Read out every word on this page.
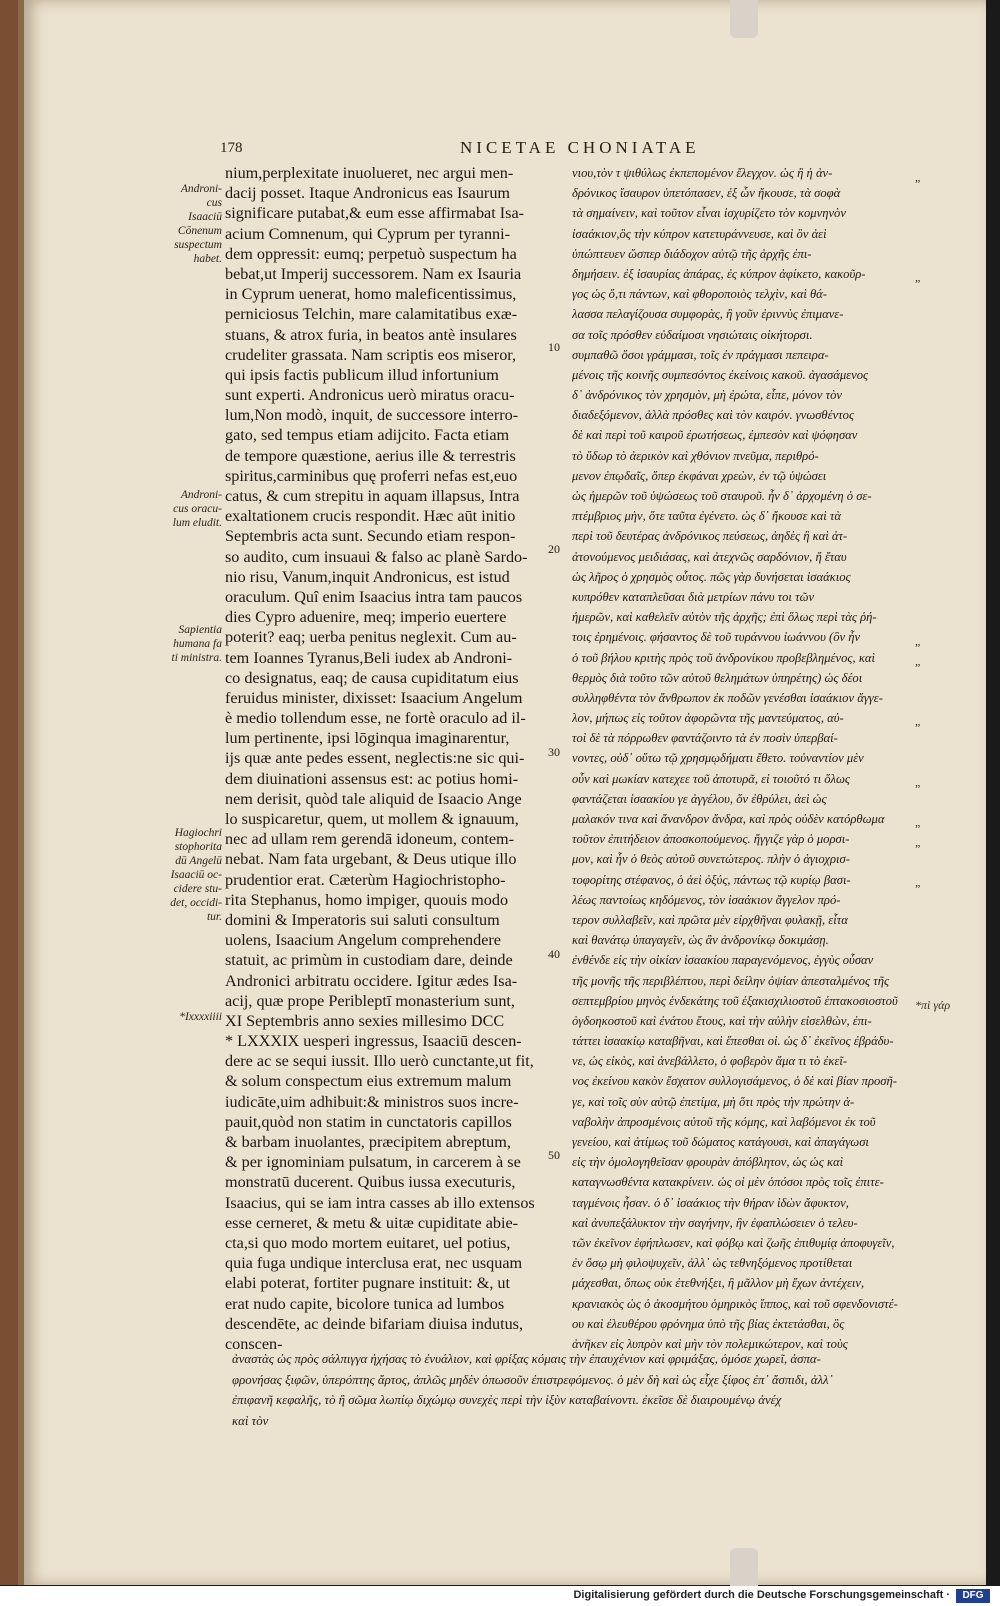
178	NICETAE CHONIATAE
Androni-
cus Isaaciū
Cōnenum
suspectum
habet.
Androni-
cus oracu-
lum eludit.
Sapientia
humana fa
ti ministra.
Hagiochri
stophorita
dū Angelū
Isaaciū oc-
cidere stu-
det, occidi-
tur.
*Ixxxxiiii
nium,perplexitate inuolueret, nec argui men-
dacij posset. Itaque Andronicus eas Isaurum
significare putabat,& eum esse affirmabat Isa-
acium Comnenum, qui Cyprum per tyranni-
dem oppressit: eumq; perpetuò suspectum ha
bebat,ut Imperij successorem. Nam ex Isauria
in Cyprum uenerat, homo maleficentissimus,
perniciosus Telchin, mare calamitatibus exæ-
stuans, & atrox furia, in beatos antè insulares
crudeliter grassata. Nam scriptis eos miseror,
qui ipsis factis publicum illud infortunium
sunt experti. Andronicus uerò miratus oracu-
lum,Non modò, inquit, de successore interro-
gato, sed tempus etiam adijcito. Facta etiam
de tempore quæstione, aerius ille & terrestris
spiritus,carminibus quę proferri nefas est,euo
catus, & cum strepitu in aquam illapsus, Intra
exaltationem crucis respondit. Hæc aūt initio
Septembris acta sunt. Secundo etiam respon-
so audito, cum insuaui & falso ac planè Sardo-
nio risu, Vanum,inquit Andronicus, est istud
oraculum. Quî enim Isaacius intra tam paucos
dies Cypro aduenire, meq; imperio euertere
poterit? eaq; uerba penitus neglexit. Cum au-
tem Ioannes Tyranus,Beli iudex ab Androni-
co designatus, eaq; de causa cupiditatum eius
feruidus minister, dixisset: Isaacium Angelum
è medio tollendum esse, ne fortè oraculo ad il-
lum pertinente, ipsi lōginqua imaginarentur,
ijs quæ ante pedes essent, neglectis:ne sic qui-
dem diuinationi assensus est: ac potius homi-
nem derisit, quòd tale aliquid de Isaacio Ange
lo suspicaretur, quem, ut mollem & ignauum,
nec ad ullam rem gerendā idoneum, contem-
nebat. Nam fata urgebant, & Deus utique illo
prudentior erat. Cæterùm Hagiochristopho-
rita Stephanus, homo impiger, quouis modo
domini & Imperatoris sui saluti consultum
uolens, Isaacium Angelum comprehendere
statuit, ac primùm in custodiam dare, deinde
Andronici arbitratu occidere. Igitur ædes Isa-
acij, quæ prope Peribleptī monasterium sunt,
XI Septembris anno sexies millesimo DCC
* LXXXIX uesperi ingressus, Isaaciū descen-
dere ac se sequi iussit. Illo uerò cunctante,ut fit,
& solum conspectum eius extremum malum
iudicāte,uim adhibuit:& ministros suos incre-
pauit,quòd non statim in cunctatoris capillos
& barbam inuolantes, præcipitem abreptum,
& per ignominiam pulsatum, in carcerem à se
monstratū ducerent. Quibus iussa executuris,
Isaacius, qui se iam intra casses ab illo extensos
esse cerneret, & metu & uitæ cupiditate abie-
cta,si quo modo mortem euitaret, uel potius,
quia fuga undique interclusa erat, nec usquam
elabi poterat, fortiter pugnare instituit: &, ut
erat nudo capite, bicolore tunica ad lumbos
descendēte, ac deinde bifariam diuisa indutus,
conscen-
10
20
30
40
50
νιου,τὸν τ ψιθύλως ἐκπεπομένον ἔλεγχον. ὡς ἢ ἡ ἀν-
δρόνικος ἴσαυρον ὑπετόπασεν, ἐξ ὧν ἤκουσε, τὰ σοφὰ
τὰ σημαίνειν, καὶ τοῦτον εἶναι ἰσχυρίζετο τὸν κομνηνὸν
ἰσαάκιον,ὃς τὴν κύπρον κατετυράννευσε, καὶ ὃν ἀεὶ
ὑπώπτευεν ὥσπερ διάδοχον αὐτῷ τῆς ἀρχῆς ἐπι-
δημήσειν. ἐξ ἰσαυρίας ἀπάρας, ἐς κύπρον ἀφίκετο, κακοῦρ-
γος ὡς ὅ,τι πάντων, καὶ φθοροποιὸς τελχὶν, καὶ θά-
λασσα πελαγίζουσα συμφορὰς, ἢ γοῦν ἐριννὺς ἐπιμανε-
σα τοῖς πρόσθεν εὐδαίμοσι νησιώταις οἰκήτορσι.
συμπαθῶ ὅσοι γράμμασι, τοῖς ἐν πράγμασι πεπειρα-
μένοις τῆς κοινῆς συμπεσόντος ἐκείνοις κακοῦ. ἀγασάμενος
δ᾽ ἀνδρόνικος τὸν χρησμὸν, μὴ ἐρώτα, εἶπε, μόνον τὸν
διαδεξόμενον, ἀλλὰ πρόσθες καὶ τὸν καιρόν. γνωσθέντος
δὲ καὶ περὶ τοῦ καιροῦ ἐρωτήσεως, ἐμπεσὸν καὶ ψόφησαν
τὸ ὕδωρ τὸ ἀερικὸν καὶ χθόνιον πνεῦμα, περιθρό-
μενον ἐπῳδαῖς, ὅπερ ἐκφάναι χρεὼν, ἐν τῷ ὑψώσει
ὡς ἡμερῶν τοῦ ὑψώσεως τοῦ σταυροῦ. ἦν δ᾽ ἀρχομένη ὁ σε-
πτέμβριος μὴν, ὅτε ταῦτα ἐγένετο. ὡς δ᾽ ἤκουσε καὶ τὰ
περὶ τοῦ δευτέρας ἀνδρόνικος πεύσεως, ἀηδὲς ἢ καὶ ἀτ-
ἀτονούμενος μειδιάσας, καὶ ἀτεχνῶς σαρδόνιον, ἤ ἔταυ
ὡς λῆρος ὁ χρησμὸς οὗτος. πῶς γὰρ δυνήσεται ἰσαάκιος
κυπρόθεν καταπλεῦσαι διὰ μετρίων πάνυ τοι τῶν
ἡμερῶν, καὶ καθελεῖν αὐτὸν τῆς ἀρχῆς; ἐπὶ ὅλως περὶ τὰς ῥή-
τοις ἐρημένοις. φήσαντος δὲ τοῦ τυράννου ἰωάννου (ὃν ἦν
ὁ τοῦ βήλου κριτὴς πρὸς τοῦ ἀνδρονίκου προβεβλημένος, καὶ
θερμὸς διὰ τοῦτο τῶν αὐτοῦ θελημάτων ὑπηρέτης) ὡς δέοι
συλληφθέντα τὸν ἄνθρωπον ἐκ ποδῶν γενέσθαι ἰσαάκιον ἄγγε-
λον, μήπως εἰς τοῦτον ἀφορῶντα τῆς μαντεύματος, αὐ-
τοὶ δὲ τὰ πόρρωθεν φαντάζοιντο τὰ ἐν ποσὶν ὑπερβαί-
νοντες, οὐδ᾽ οὕτω τῷ χρησμῳδήματι ἔθετο. τοὐναντίον μὲν
οὖν καὶ μωκίαν κατεχεε τοῦ ἀποτυρᾶ, εἰ τοιοῦτό τι ὅλως
φαντάζεται ἰσαακίου γε ἀγγέλου, ὅν ἐθρύλει, ἀεὶ ὡς
μαλακόν τινα καὶ ἄνανδρον ἄνδρα, καὶ πρὸς οὐδὲν κατόρθωμα
τοῦτον ἐπιτήδειον ἀποσκοπούμενος. ἤγγιζε γὰρ ὁ μορσι-
μον, καὶ ἦν ὁ θεὸς αὐτοῦ συνετώτερος. πλὴν ὁ ἁγιοχρισ-
τοφορίτης στέφανος, ὁ ἀεὶ ὀξύς, πάντως τῷ κυρίῳ βασι-
λέως παντοίως κηδόμενος, τὸν ἰσαάκιον ἄγγελον πρό-
τερον συλλαβεῖν, καὶ πρῶτα μὲν εἰρχθῆναι φυλακῇ, εἶτα
καὶ θανάτῳ ὑπαγαγεῖν, ὡς ἂν ἀνδρονίκῳ δοκιμάσῃ.
ἐνθένδε εἰς τὴν οἰκίαν ἰσαακίου παραγενόμενος, ἐγγὺς οὖσαν
τῆς μονῆς τῆς περιβλέπτου, περὶ δείλην ὀψίαν ἀπεσταλμένος τῆς
σεπτεμβρίου μηνὸς ἑνδεκάτης τοῦ ἑξακισχιλιοστοῦ ἑπτακοσιοστοῦ
ὀγδοηκοστοῦ καὶ ἐνάτου ἔτους, καὶ τὴν αὐλὴν εἰσελθὼν, ἐπι-
τάττει ἰσαακίῳ καταβῆναι, καὶ ἕπεσθαι οἱ. ὡς δ᾽ ἐκεῖνος ἐβράδυ-
νε, ὡς εἰκὸς, καὶ ἀνεβάλλετο, ὁ φοβερὸν ἄμα τι τὸ ἐκεῖ-
νος ἐκείνου κακὸν ἔσχατον συλλογισάμενος, ὁ δὲ καὶ βίαν προσῆ-
γε, καὶ τοῖς σὺν αὐτῷ ἐπετίμα, μὴ ὅτι πρὸς τὴν πρώτην ἀ-
ναβολὴν ἀπροσμένοις αὐτοῦ τῆς κόμης, καὶ λαβόμενοι ἐκ τοῦ
γενείου, καὶ ἀτίμως τοῦ δώματος κατάγουσι, καὶ ἀπαγάγωσι
εἰς τὴν ὁμολογηθεῖσαν φρουρὰν ἀπόβλητον, ὡς ὡς καὶ
καταγνωσθέντα κατακρίνειν. ὡς οἱ μὲν ὁπόσοι πρὸς τοῖς ἐπιτε-
ταγμένοις ἦσαν. ὁ δ᾽ ἰσαάκιος τὴν θήραν ἰδὼν ἄφυκτον,
καὶ ἀνυπεξάλυκτον τὴν σαγήνην, ἣν ἐφαπλώσειεν ὁ τελευ-
τῶν ἐκεῖνον ἐφήπλωσεν, καὶ φόβῳ καὶ ζωῆς ἐπιθυμίᾳ ἀποφυγεῖν,
ἐν ὅσῳ μὴ φιλοψυχεῖν, ἀλλ᾽ ὡς τεθνηξόμενος προτίθεται
μάχεσθαι, ὅπως οὐκ ἐτεθνήξει, ἢ μᾶλλον μὴ ἔχων ἀντέχειν,
κρανιακὸς ὡς ὁ ἀκοσμήτου ὁμηρικὸς ἵππος, καὶ τοῦ σφενδονιστέ-
ου καὶ ἐλευθέρου φρόνημα ὑπὸ τῆς βίας ἐκτετάσθαι, ὃς
ἀνῆκεν εἰς λυπρὸν καὶ μὴν τὸν πολεμικώτερον, καὶ τοὺς
„
„
„
„
„
„
„
„
„
*πὶ γάρ
ἀναστὰς ὡς πρὸς σάλπιγγα ἠχήσας τὸ ἐνυάλιον, καὶ φρίξας κόμαις τὴν ἐπαυχένιον καὶ φριμάξας, ὁμόσε χωρεῖ, ἀσπα-
φρονήσας ξιφῶν, ὑπερόπτης ἄρτος, ἁπλῶς μηδὲν ὁπωσοῦν ἐπιστρεφόμενος. ὁ μὲν δὴ καὶ ὡς εἶχε ξίφος ἐπ᾽ ἄσπιδι, ἀλλ᾽
ἐπιφανῆ κεφαλῆς, τὸ ἢ σῶμα λωπίῳ διχώμῳ συνεχὲς περὶ τὴν ἰξὺν καταβαίνοντι. ἐκεῖσε δὲ διαιρουμένῳ ἀνέχ
καὶ τὸν
Digitalisierung gefördert durch die Deutsche Forschungsgemeinschaft ·	DFG
